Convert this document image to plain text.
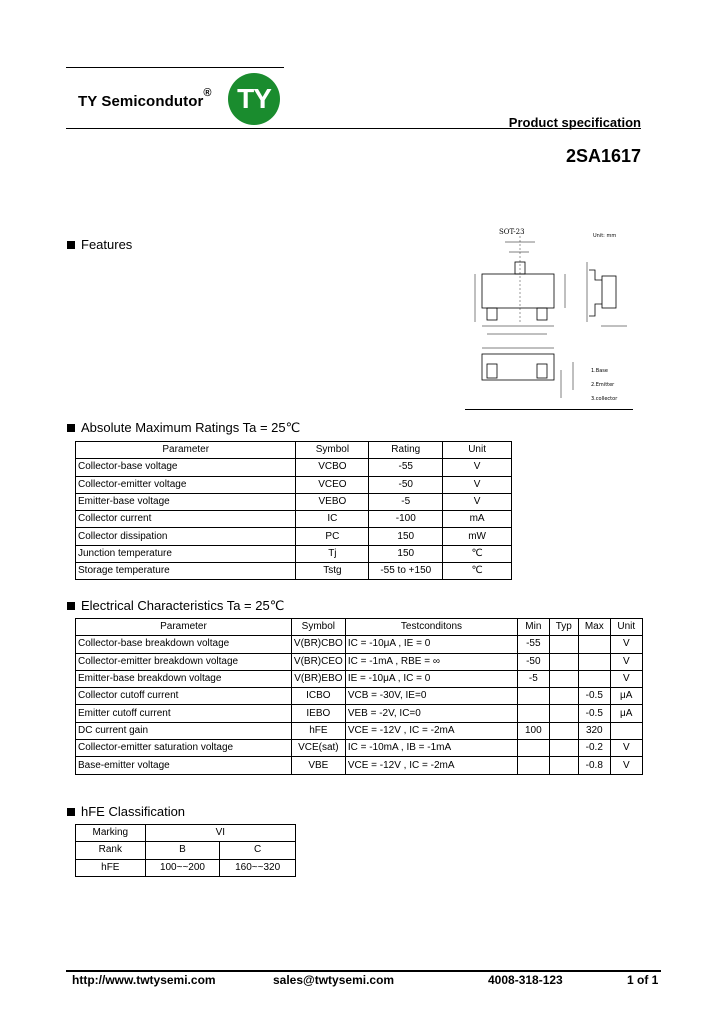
TY Semicondutor® TY
Product specification
2SA1617
Features
SOT-23	Unit: mm
1.Base
2.Emitter
3.collector
Absolute Maximum Ratings Ta = 25℃
Parameter	Symbol	Rating	Unit
Collector-base voltage	VCBO	-55	V
Collector-emitter voltage	VCEO	-50	V
Emitter-base voltage	VEBO	-5	V
Collector current	IC	-100	mA
Collector dissipation	PC	150	mW
Junction temperature	Tj	150	℃
Storage temperature	Tstg	-55 to +150	℃
Electrical Characteristics Ta = 25℃
Parameter	Symbol	Testconditons	Min	Typ	Max	Unit
Collector-base breakdown voltage	V(BR)CBO	IC = -10μA , IE = 0	-55			V
Collector-emitter breakdown voltage	V(BR)CEO	IC = -1mA , RBE = ∞	-50			V
Emitter-base breakdown voltage	V(BR)EBO	IE = -10μA , IC = 0	-5			V
Collector cutoff current	ICBO	VCB = -30V, IE=0			-0.5	μA
Emitter cutoff current	IEBO	VEB = -2V, IC=0			-0.5	μA
DC current gain	hFE	VCE = -12V , IC = -2mA	100		320	
Collector-emitter saturation voltage	VCE(sat)	IC = -10mA , IB = -1mA			-0.2	V
Base-emitter voltage	VBE	VCE = -12V , IC = -2mA			-0.8	V
hFE Classification
Marking	VI	
Rank	B	C
hFE	100~~200	160~~320
http://www.twtysemi.com	sales@twtysemi.com	4008-318-123	1 of 1
